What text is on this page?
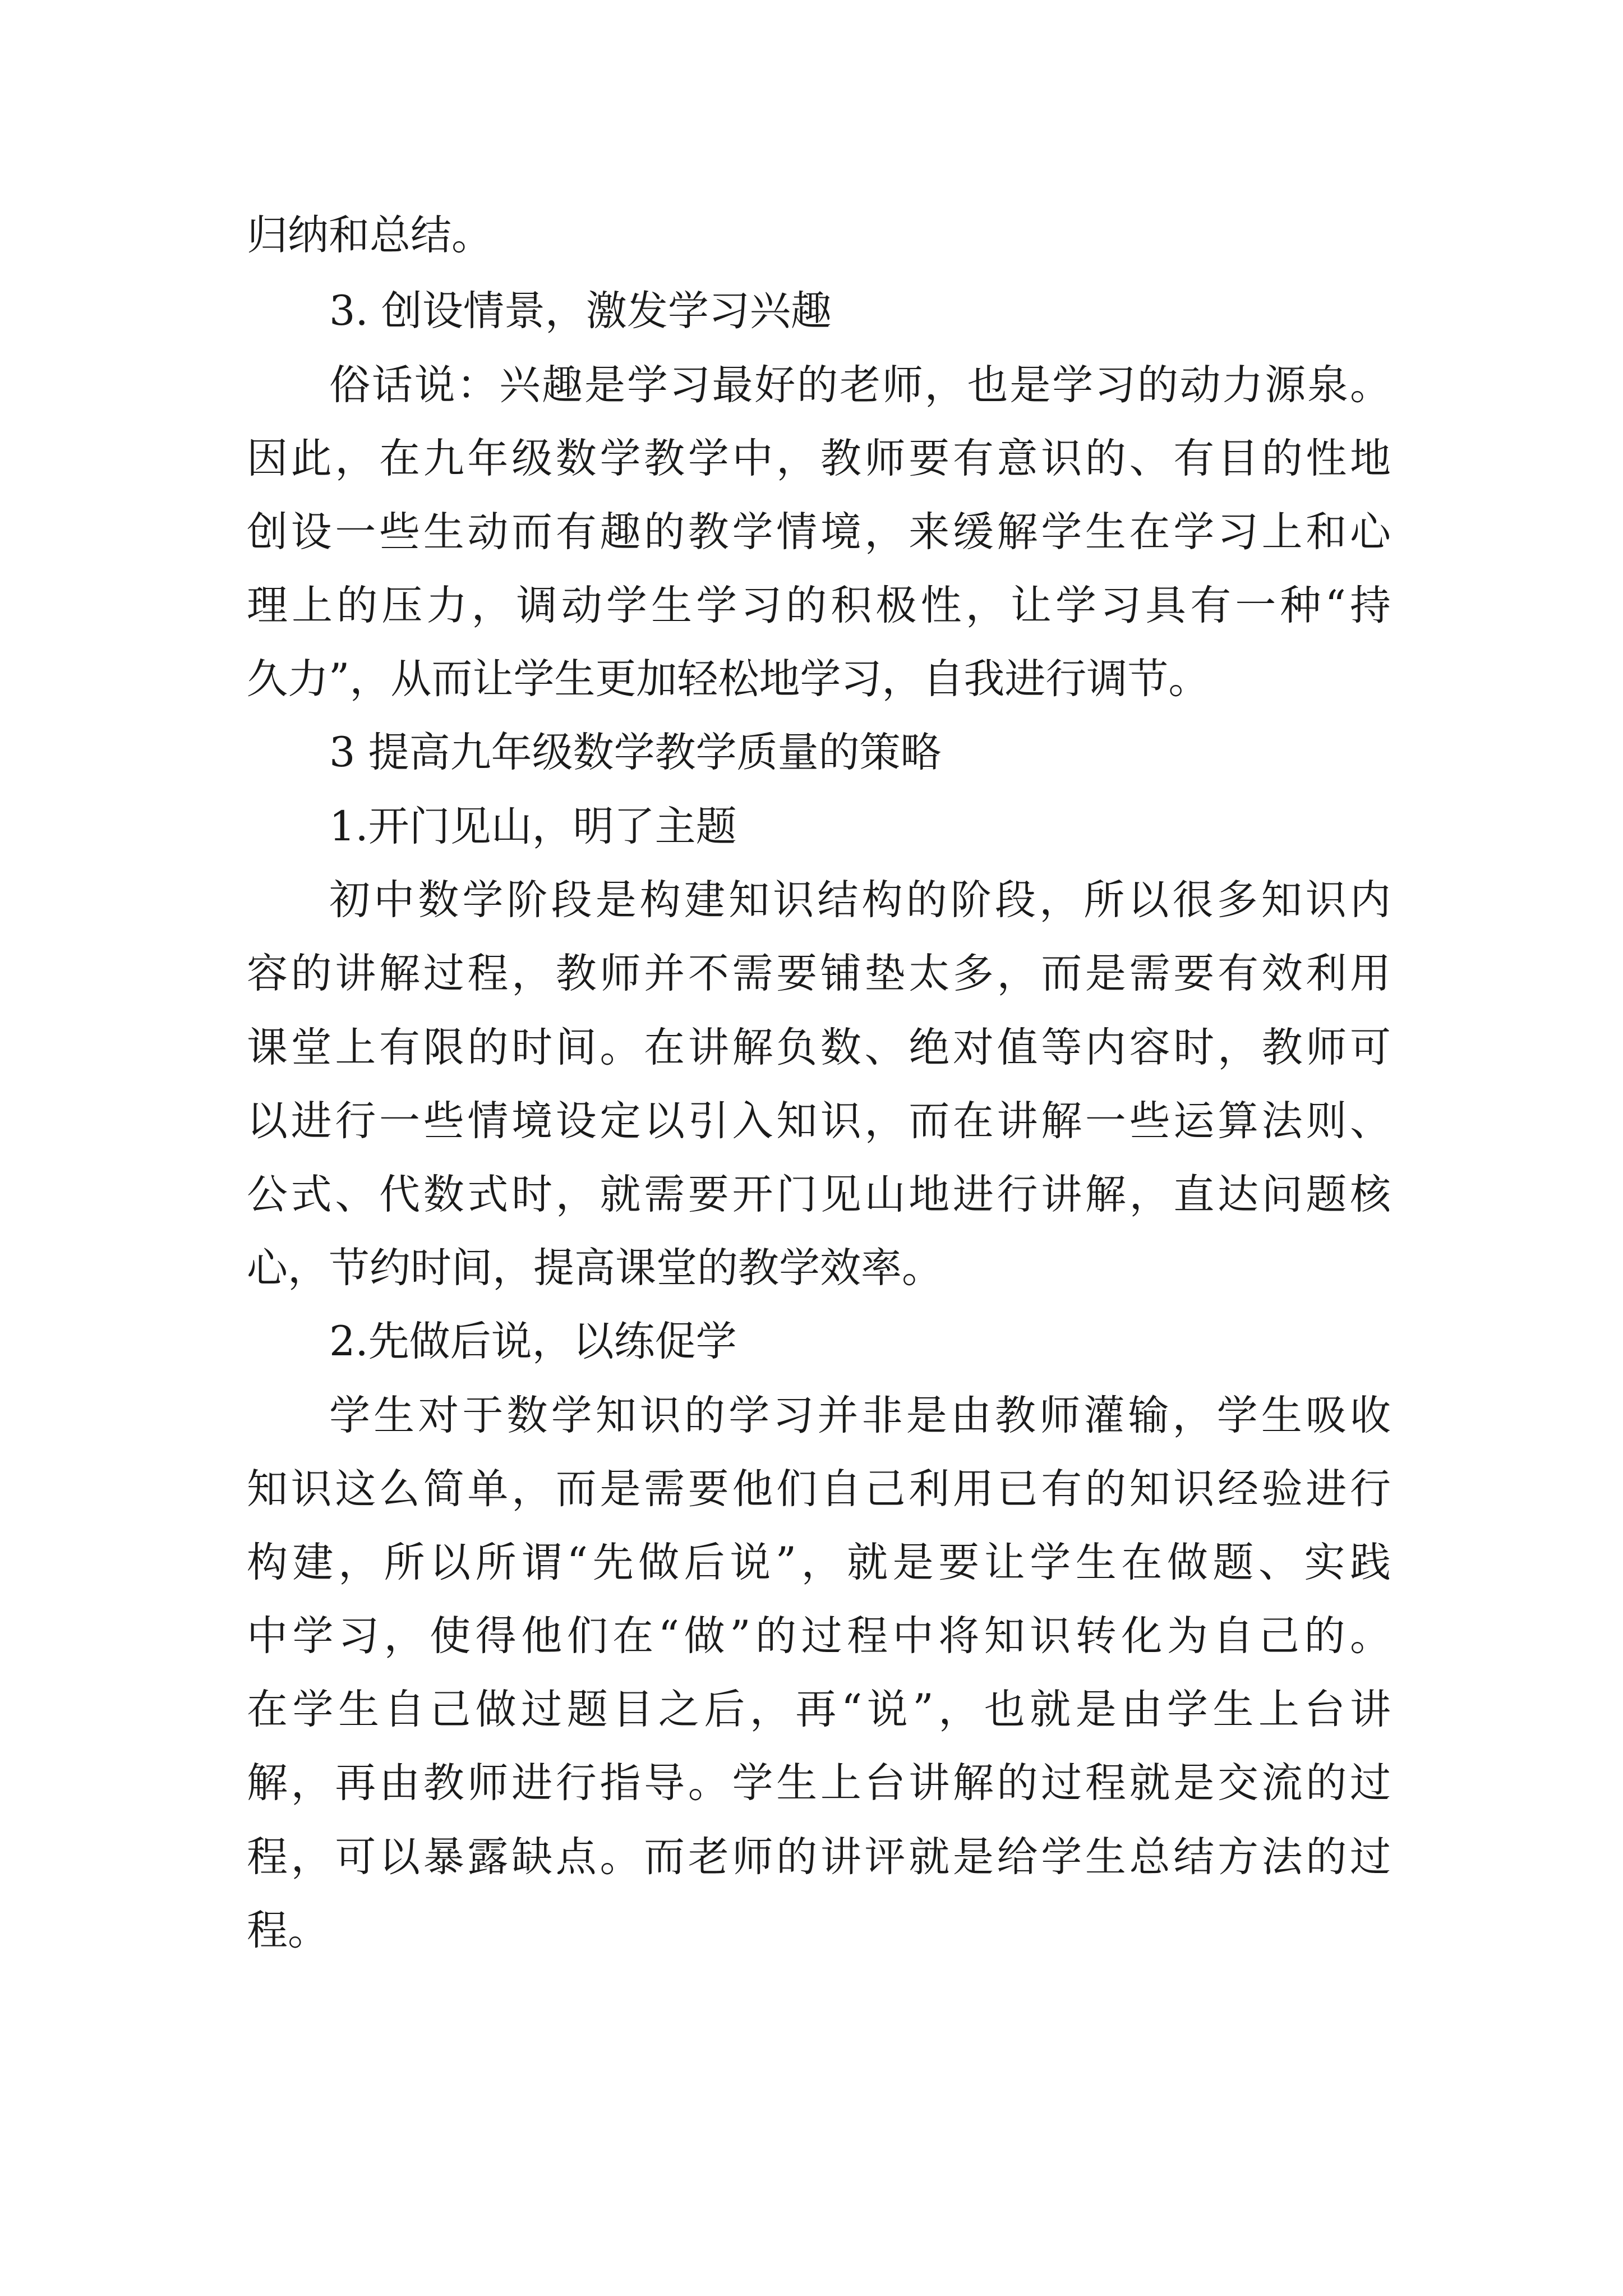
归纳和总结。
3. 创设情景，激发学习兴趣
俗话说：兴趣是学习最好的老师，也是学习的动力源泉。
因此，在九年级数学教学中，教师要有意识的、有目的性地
创设一些生动而有趣的教学情境，来缓解学生在学习上和心
理上的压力，调动学生学习的积极性，让学习具有一种“持
久力”，从而让学生更加轻松地学习，自我进行调节。
3 提高九年级数学教学质量的策略
1.开门见山，明了主题
初中数学阶段是构建知识结构的阶段，所以很多知识内
容的讲解过程，教师并不需要铺垫太多，而是需要有效利用
课堂上有限的时间。在讲解负数、绝对值等内容时，教师可
以进行一些情境设定以引入知识，而在讲解一些运算法则、
公式、代数式时，就需要开门见山地进行讲解，直达问题核
心，节约时间，提高课堂的教学效率。
2.先做后说，以练促学
学生对于数学知识的学习并非是由教师灌输，学生吸收
知识这么简单，而是需要他们自己利用已有的知识经验进行
构建，所以所谓“先做后说”，就是要让学生在做题、实践
中学习，使得他们在“做”的过程中将知识转化为自己的。
在学生自己做过题目之后，再“说”，也就是由学生上台讲
解，再由教师进行指导。学生上台讲解的过程就是交流的过
程，可以暴露缺点。而老师的讲评就是给学生总结方法的过
程。
